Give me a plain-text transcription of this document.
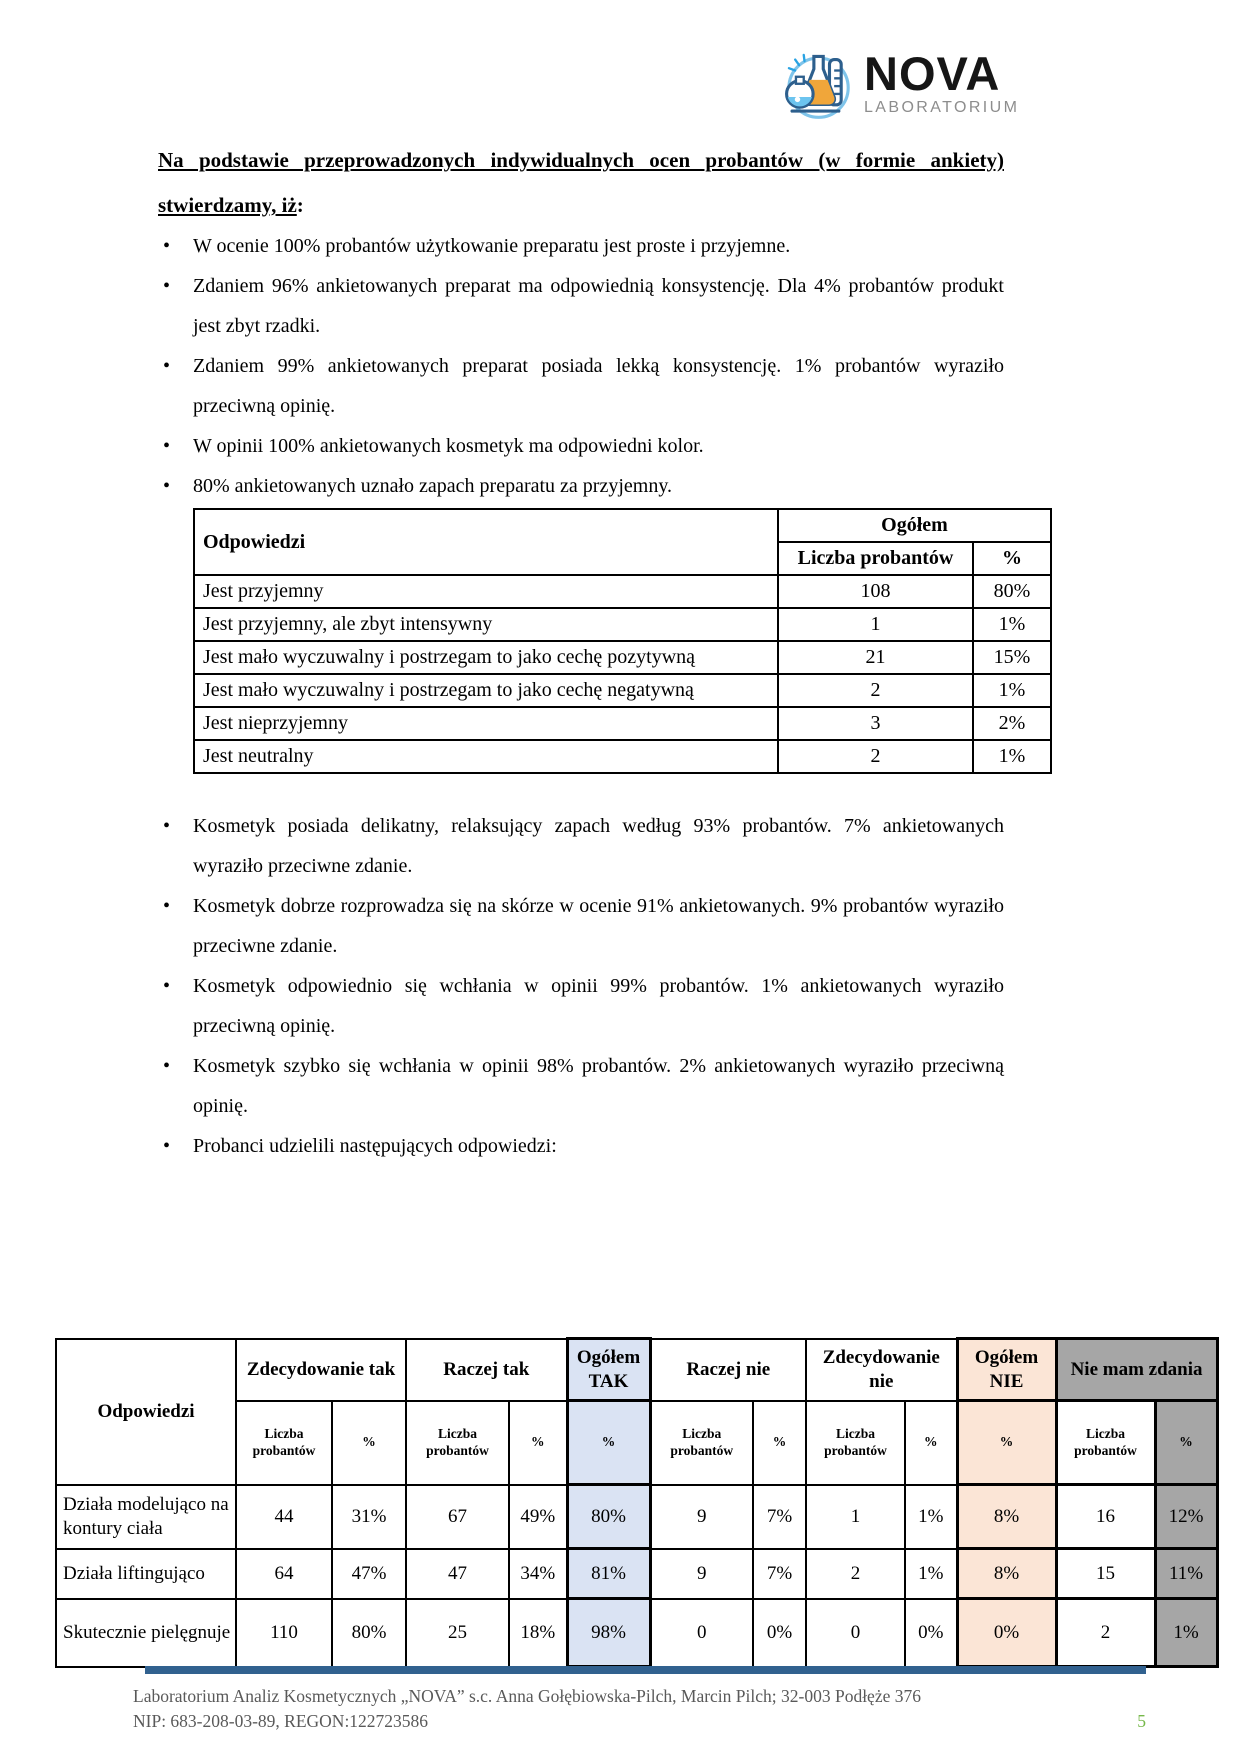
NOVA
LABORATORIUM
Na podstawie przeprowadzonych indywidualnych ocen probantów (w formie ankiety) stwierdzamy, iż:
• W ocenie 100% probantów użytkowanie preparatu jest proste i przyjemne.
• Zdaniem 96% ankietowanych preparat ma odpowiednią konsystencję. Dla 4% probantów produkt jest zbyt rzadki.
• Zdaniem 99% ankietowanych preparat posiada lekką konsystencję. 1% probantów wyraziło przeciwną opinię.
• W opinii 100% ankietowanych kosmetyk ma odpowiedni kolor.
• 80% ankietowanych uznało zapach preparatu za przyjemny.
Odpowiedzi	Ogółem	
	Liczba probantów	%
Jest przyjemny	108	80%
Jest przyjemny, ale zbyt intensywny	1	1%
Jest mało wyczuwalny i postrzegam to jako cechę pozytywną	21	15%
Jest mało wyczuwalny i postrzegam to jako cechę negatywną	2	1%
Jest nieprzyjemny	3	2%
Jest neutralny	2	1%
• Kosmetyk posiada delikatny, relaksujący zapach według 93% probantów. 7% ankietowanych wyraziło przeciwne zdanie.
• Kosmetyk dobrze rozprowadza się na skórze w ocenie 91% ankietowanych. 9% probantów wyraziło przeciwne zdanie.
• Kosmetyk odpowiednio się wchłania w opinii 99% probantów. 1% ankietowanych wyraziło przeciwną opinię.
• Kosmetyk szybko się wchłania w opinii 98% probantów. 2% ankietowanych wyraziło przeciwną opinię.
• Probanci udzielili następujących odpowiedzi:
Odpowiedzi	Zdecydowanie tak		Raczej tak		Ogółem TAK	Raczej nie		Zdecydowanie nie		Ogółem NIE	Nie mam zdania	
	Liczba probantów	%	Liczba probantów	%	%	Liczba probantów	%	Liczba probantów	%	%	Liczba probantów	%
Działa modelująco na kontury ciała	44	31%	67	49%	80%	9	7%	1	1%	8%	16	12%
Działa liftingująco	64	47%	47	34%	81%	9	7%	2	1%	8%	15	11%
Skutecznie pielęgnuje	110	80%	25	18%	98%	0	0%	0	0%	0%	2	1%
Laboratorium Analiz Kosmetycznych „NOVA” s.c. Anna Gołębiowska-Pilch, Marcin Pilch; 32-003 Podłęże 376
5
NIP: 683-208-03-89, REGON:122723586
